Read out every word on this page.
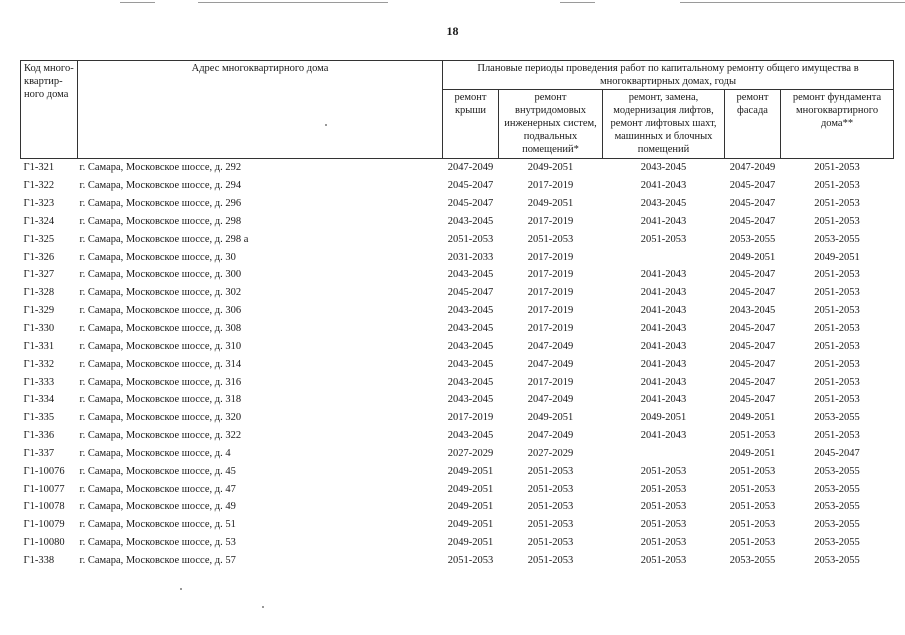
18
Код много-квартир-ного дома	Адрес многоквартирного дома	Плановые периоды проведения работ по капитальному ремонту общего имущества в многоквартирных домах, годы				
		ремонт крыши	ремонт внутридомовых инженерных систем, подвальных помещений*	ремонт, замена, модернизация лифтов, ремонт лифтовых шахт, машинных и блочных помещений	ремонт фасада	ремонт фундамента многоквартирного дома**
Г1-321	г. Самара, Московское шоссе, д. 292	2047-2049	2049-2051	2043-2045	2047-2049	2051-2053
Г1-322	г. Самара, Московское шоссе, д. 294	2045-2047	2017-2019	2041-2043	2045-2047	2051-2053
Г1-323	г. Самара, Московское шоссе, д. 296	2045-2047	2049-2051	2043-2045	2045-2047	2051-2053
Г1-324	г. Самара, Московское шоссе, д. 298	2043-2045	2017-2019	2041-2043	2045-2047	2051-2053
Г1-325	г. Самара, Московское шоссе, д. 298 а	2051-2053	2051-2053	2051-2053	2053-2055	2053-2055
Г1-326	г. Самара, Московское шоссе, д. 30	2031-2033	2017-2019		2049-2051	2049-2051
Г1-327	г. Самара, Московское шоссе, д. 300	2043-2045	2017-2019	2041-2043	2045-2047	2051-2053
Г1-328	г. Самара, Московское шоссе, д. 302	2045-2047	2017-2019	2041-2043	2045-2047	2051-2053
Г1-329	г. Самара, Московское шоссе, д. 306	2043-2045	2017-2019	2041-2043	2043-2045	2051-2053
Г1-330	г. Самара, Московское шоссе, д. 308	2043-2045	2017-2019	2041-2043	2045-2047	2051-2053
Г1-331	г. Самара, Московское шоссе, д. 310	2043-2045	2047-2049	2041-2043	2045-2047	2051-2053
Г1-332	г. Самара, Московское шоссе, д. 314	2043-2045	2047-2049	2041-2043	2045-2047	2051-2053
Г1-333	г. Самара, Московское шоссе, д. 316	2043-2045	2017-2019	2041-2043	2045-2047	2051-2053
Г1-334	г. Самара, Московское шоссе, д. 318	2043-2045	2047-2049	2041-2043	2045-2047	2051-2053
Г1-335	г. Самара, Московское шоссе, д. 320	2017-2019	2049-2051	2049-2051	2049-2051	2053-2055
Г1-336	г. Самара, Московское шоссе, д. 322	2043-2045	2047-2049	2041-2043	2051-2053	2051-2053
Г1-337	г. Самара, Московское шоссе, д. 4	2027-2029	2027-2029		2049-2051	2045-2047
Г1-10076	г. Самара, Московское шоссе, д. 45	2049-2051	2051-2053	2051-2053	2051-2053	2053-2055
Г1-10077	г. Самара, Московское шоссе, д. 47	2049-2051	2051-2053	2051-2053	2051-2053	2053-2055
Г1-10078	г. Самара, Московское шоссе, д. 49	2049-2051	2051-2053	2051-2053	2051-2053	2053-2055
Г1-10079	г. Самара, Московское шоссе, д. 51	2049-2051	2051-2053	2051-2053	2051-2053	2053-2055
Г1-10080	г. Самара, Московское шоссе, д. 53	2049-2051	2051-2053	2051-2053	2051-2053	2053-2055
Г1-338	г. Самара, Московское шоссе, д. 57	2051-2053	2051-2053	2051-2053	2053-2055	2053-2055
